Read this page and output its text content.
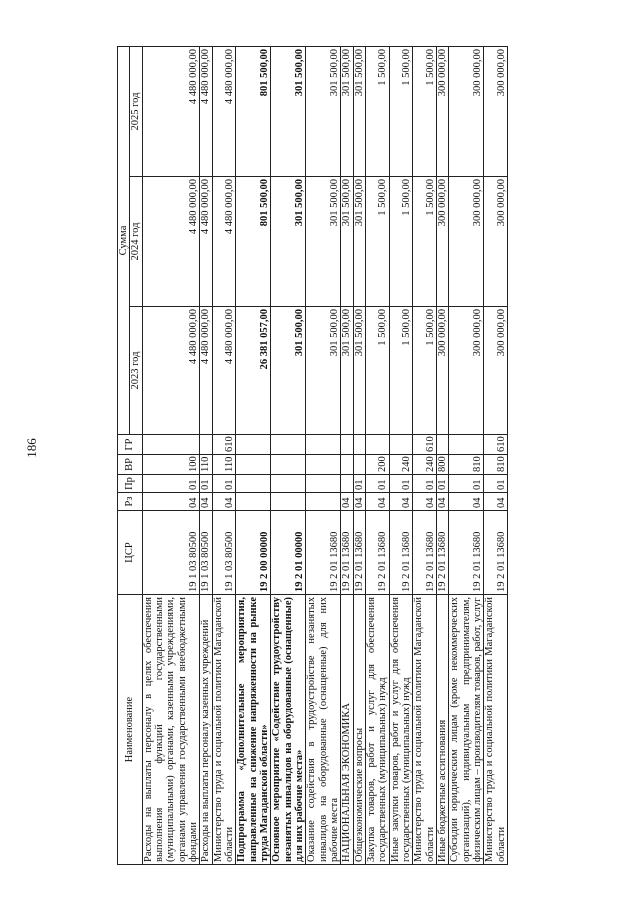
186
Наименование	ЦСР	Рз	Пр	ВР	ГР	Сумма		
						2023 год	2024 год	2025 год
Расходы на выплаты персоналу в целях обеспечения выполнения функций государственными (муниципальными) органами, казенными учреждениями, органами управления государственными внебюджетными фондами	19 1 03 80500	04	01	100		4 480 000,00	4 480 000,00	4 480 000,00
Расходы на выплаты персоналу казенных учреждений	19 1 03 80500	04	01	110		4 480 000,00	4 480 000,00	4 480 000,00
Министерство труда и социальной политики Магаданской области	19 1 03 80500	04	01	110	610	4 480 000,00	4 480 000,00	4 480 000,00
Подпрограмма «Дополнительные мероприятия, направленные на снижение напряженности на рынке труда Магаданской области»	19 2 00 00000					26 381 057,00	801 500,00	801 500,00
Основное мероприятие «Содействие трудоустройству незанятых инвалидов на оборудованные (оснащенные) для них рабочие места»	19 2 01 00000					301 500,00	301 500,00	301 500,00
Оказание содействия в трудоустройстве незанятых инвалидов на оборудованные (оснащенные) для них рабочие места	19 2 01 13680					301 500,00	301 500,00	301 500,00
НАЦИОНАЛЬНАЯ ЭКОНОМИКА	19 2 01 13680	04				301 500,00	301 500,00	301 500,00
Общеэкономические вопросы	19 2 01 13680	04	01			301 500,00	301 500,00	301 500,00
Закупка товаров, работ и услуг для обеспечения государственных (муниципальных) нужд	19 2 01 13680	04	01	200		1 500,00	1 500,00	1 500,00
Иные закупки товаров, работ и услуг для обеспечения государственных (муниципальных) нужд	19 2 01 13680	04	01	240		1 500,00	1 500,00	1 500,00
Министерство труда и социальной политики Магаданской области	19 2 01 13680	04	01	240	610	1 500,00	1 500,00	1 500,00
Иные бюджетные ассигнования	19 2 01 13680	04	01	800		300 000,00	300 000,00	300 000,00
Субсидии юридическим лицам (кроме некоммерческих организаций), индивидуальным предпринимателям, физическим лицам – производителям товаров, работ, услуг	19 2 01 13680	04	01	810		300 000,00	300 000,00	300 000,00
Министерство труда и социальной политики Магаданской области	19 2 01 13680	04	01	810	610	300 000,00	300 000,00	300 000,00
